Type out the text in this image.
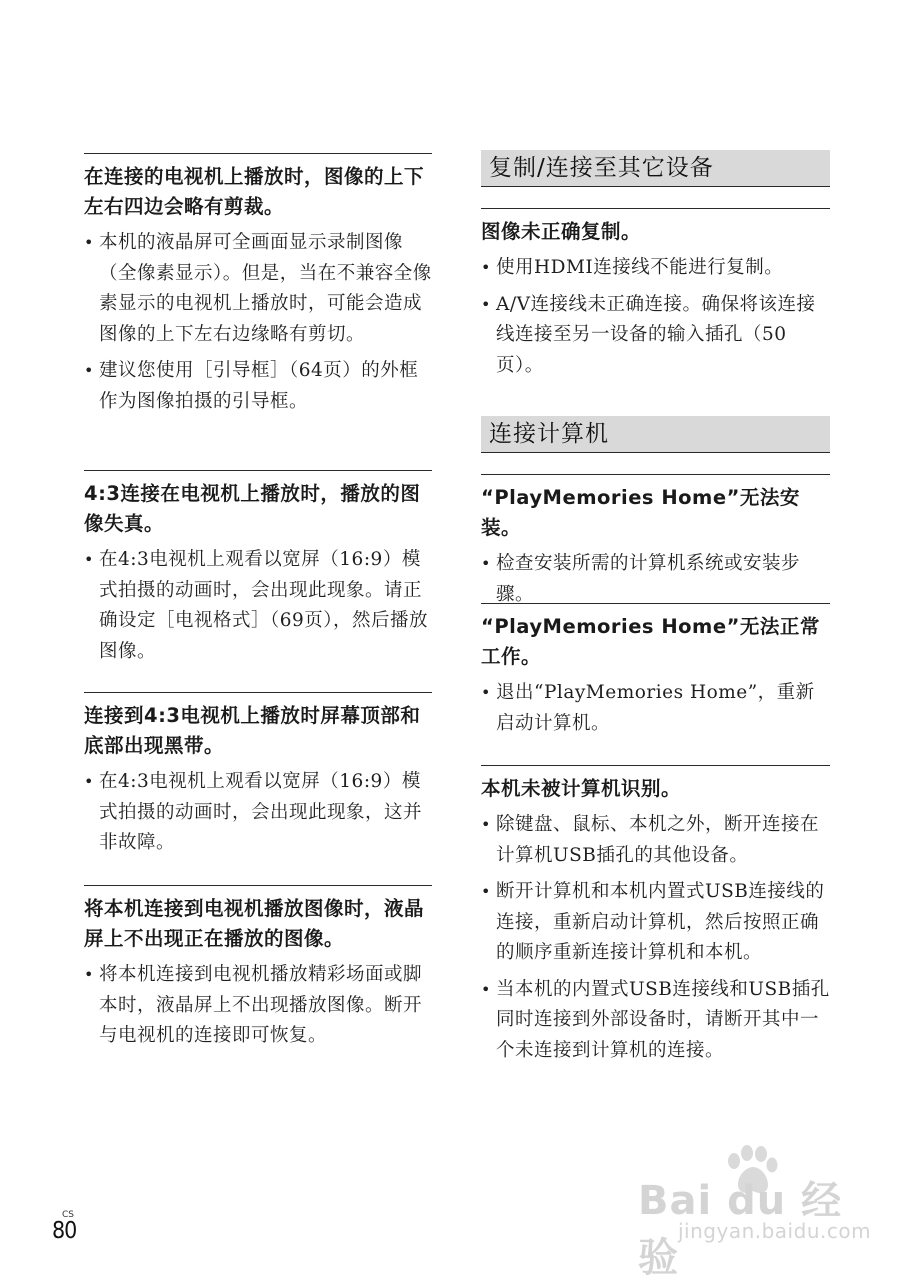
在连接的电视机上播放时，图像的上下左右四边会略有剪裁。
• 本机的液晶屏可全画面显示录制图像（全像素显示）。但是，当在不兼容全像素显示的电视机上播放时，可能会造成图像的上下左右边缘略有剪切。
• 建议您使用［引导框］（64页）的外框作为图像拍摄的引导框。
4:3连接在电视机上播放时，播放的图像失真。
• 在4:3电视机上观看以宽屏（16:9）模式拍摄的动画时，会出现此现象。请正确设定［电视格式］（69页），然后播放图像。
连接到4:3电视机上播放时屏幕顶部和底部出现黑带。
• 在4:3电视机上观看以宽屏（16:9）模式拍摄的动画时，会出现此现象，这并非故障。
将本机连接到电视机播放图像时，液晶屏上不出现正在播放的图像。
• 将本机连接到电视机播放精彩场面或脚本时，液晶屏上不出现播放图像。断开与电视机的连接即可恢复。
复制/连接至其它设备
图像未正确复制。
• 使用HDMI连接线不能进行复制。
• A/V连接线未正确连接。确保将该连接线连接至另一设备的输入插孔（50页）。
连接计算机
“PlayMemories Home”无法安装。
• 检查安装所需的计算机系统或安装步骤。
“PlayMemories Home”无法正常工作。
• 退出“PlayMemories Home”，重新启动计算机。
本机未被计算机识别。
• 除键盘、鼠标、本机之外，断开连接在计算机USB插孔的其他设备。
• 断开计算机和本机内置式USB连接线的连接，重新启动计算机，然后按照正确的顺序重新连接计算机和本机。
• 当本机的内置式USB连接线和USB插孔同时连接到外部设备时，请断开其中一个未连接到计算机的连接。
CS
80
Bai du 经验
jingyan.baidu.com
